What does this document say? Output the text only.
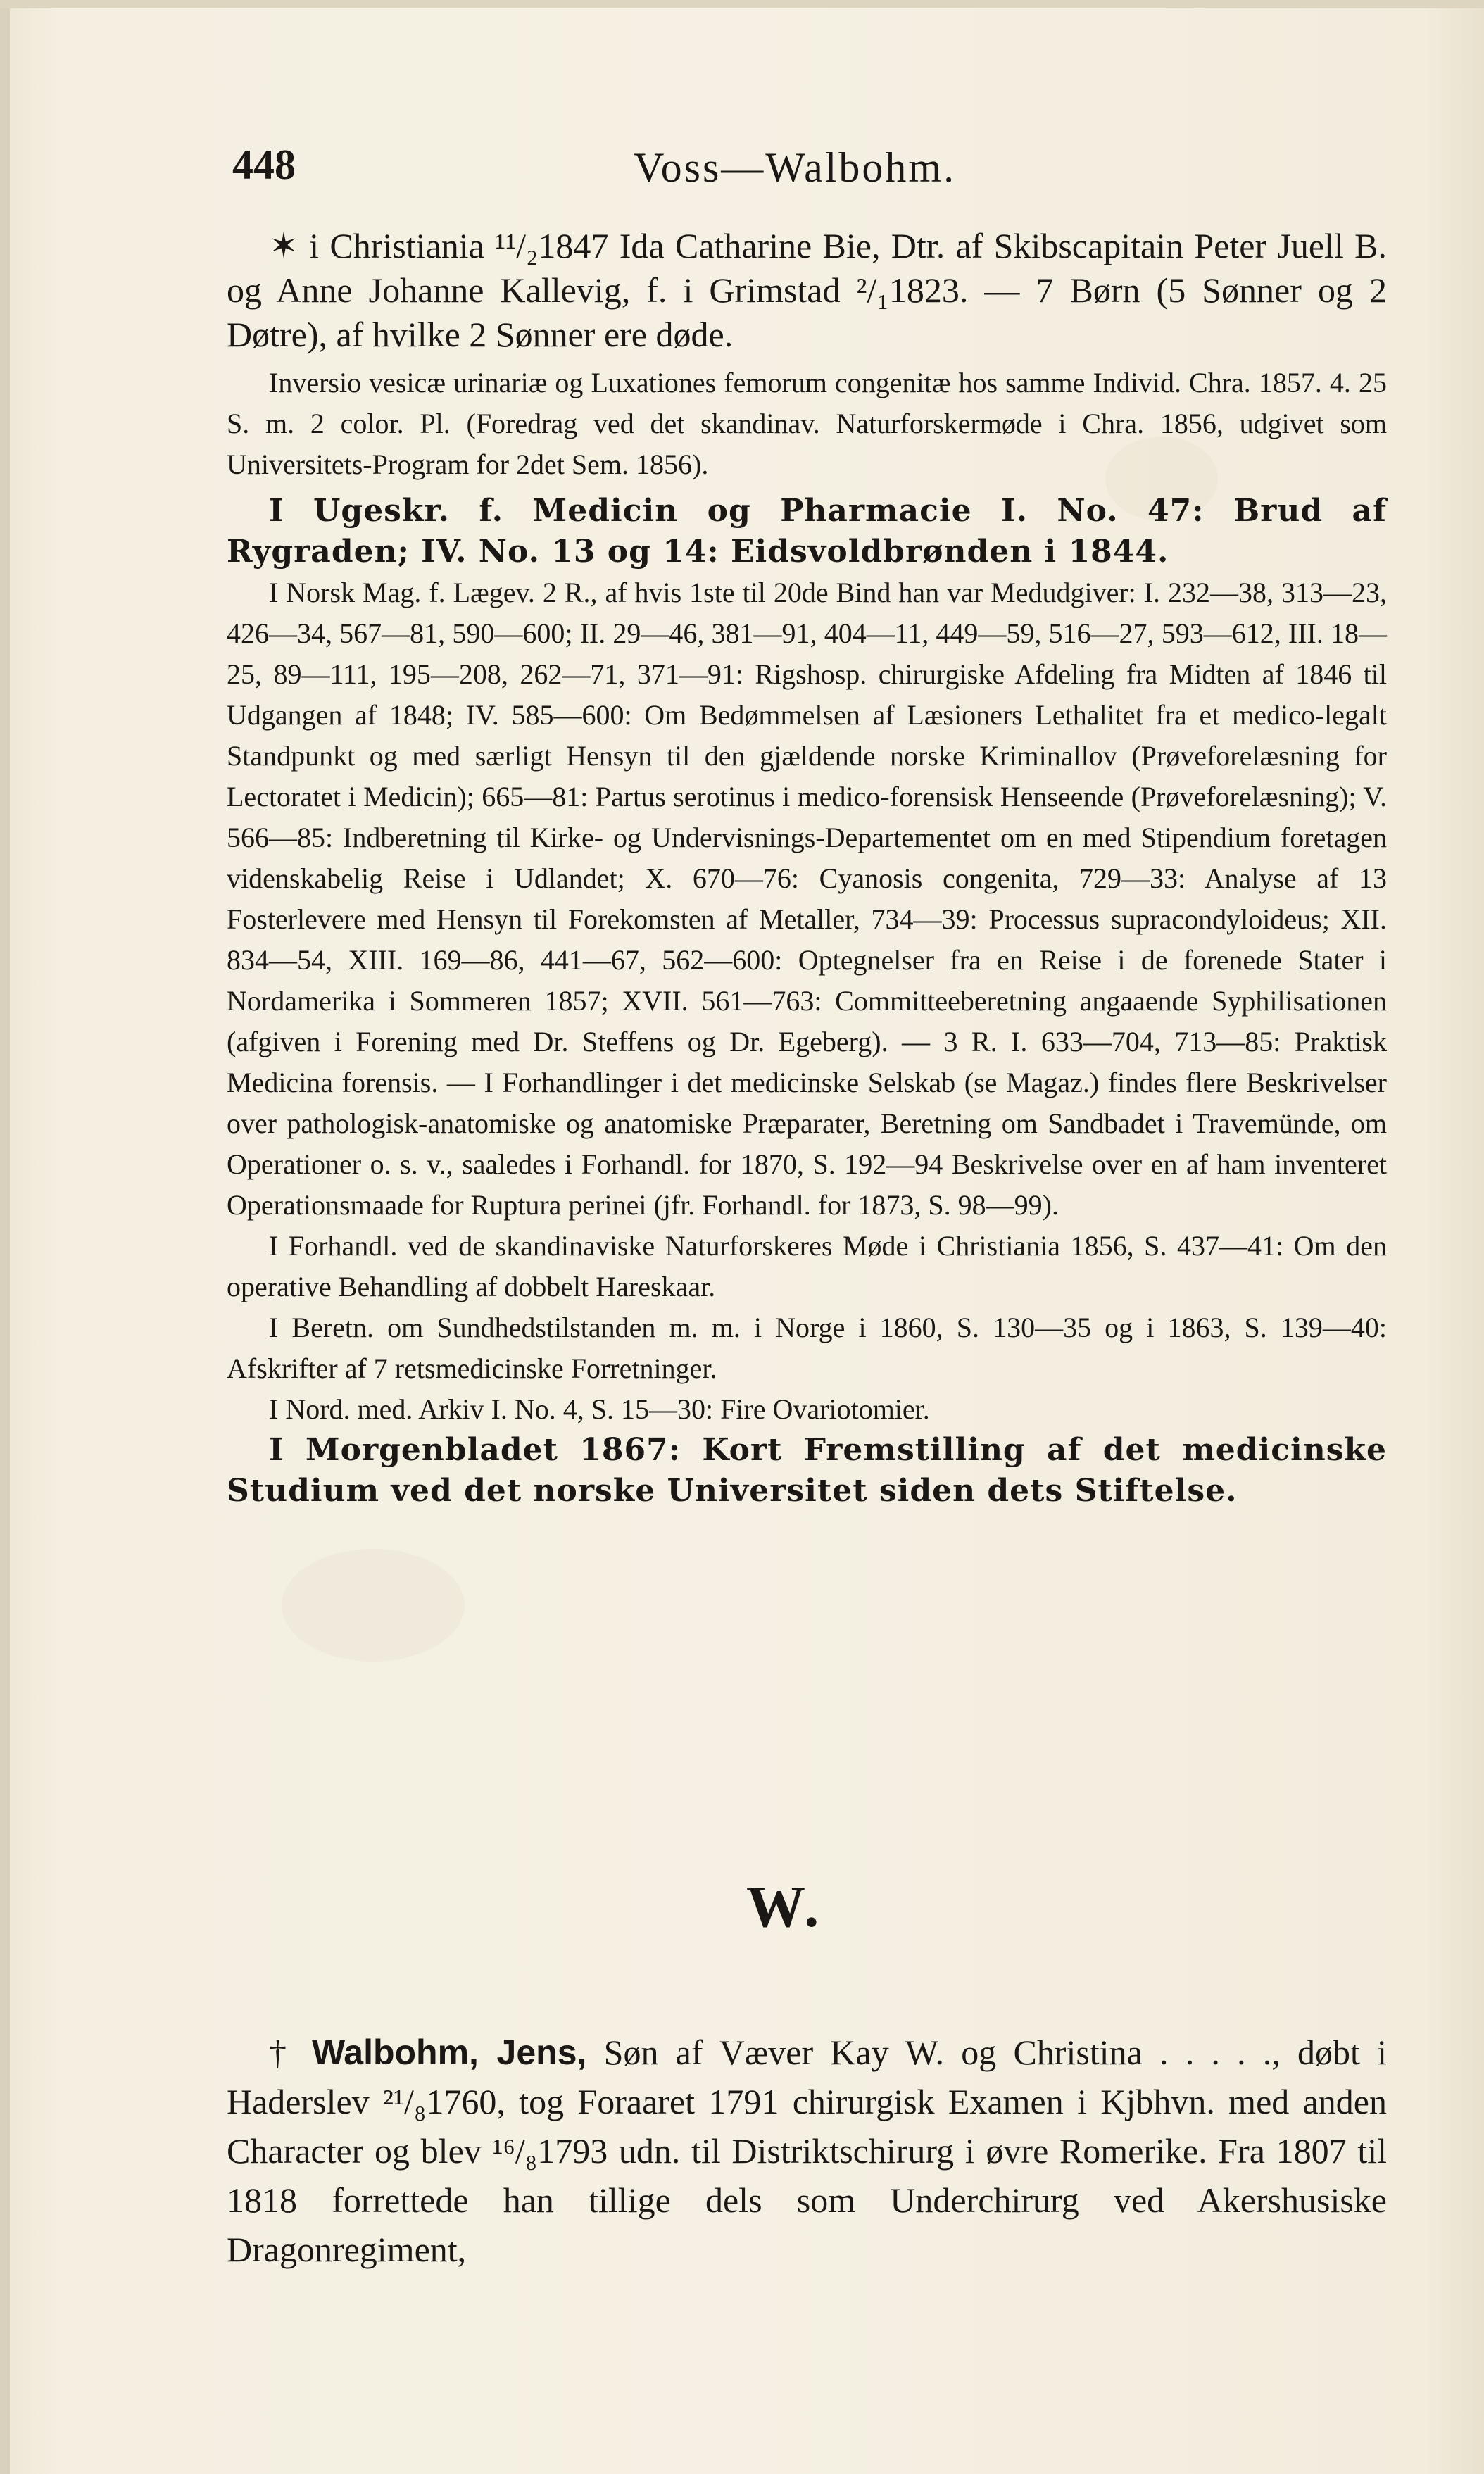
448	Voss—Walbohm.

✶ i Christiania ¹¹/₂1847 Ida Catharine Bie, Dtr. af Skibscapitain Peter Juell B. og Anne Johanne Kallevig, f. i Grimstad ²/₁1823. — 7 Børn (5 Sønner og 2 Døtre), af hvilke 2 Sønner ere døde.

Inversio vesicæ urinariæ og Luxationes femorum congenitæ hos samme Individ. Chra. 1857. 4. 25 S. m. 2 color. Pl. (Foredrag ved det skandinav. Naturforskermøde i Chra. 1856, udgivet som Universitets-Program for 2det Sem. 1856).

I Ugeskr. f. Medicin og Pharmacie I. No. 47: Brud af Rygraden; IV. No. 13 og 14: Eidsvoldbrønden i 1844.

I Norsk Mag. f. Lægev. 2 R., af hvis 1ste til 20de Bind han var Medudgiver: I. 232—38, 313—23, 426—34, 567—81, 590—600; II. 29—46, 381—91, 404—11, 449—59, 516—27, 593—612, III. 18—25, 89—111, 195—208, 262—71, 371—91: Rigshosp. chirurgiske Afdeling fra Midten af 1846 til Udgangen af 1848; IV. 585—600: Om Bedømmelsen af Læsioners Lethalitet fra et medico-legalt Standpunkt og med særligt Hensyn til den gjældende norske Kriminallov (Prøveforelæsning for Lectoratet i Medicin); 665—81: Partus serotinus i medico-forensisk Henseende (Prøveforelæsning); V. 566—85: Indberetning til Kirke- og Undervisnings-Departementet om en med Stipendium foretagen videnskabelig Reise i Udlandet; X. 670—76: Cyanosis congenita, 729—33: Analyse af 13 Fosterlevere med Hensyn til Forekomsten af Metaller, 734—39: Processus supracondyloideus; XII. 834—54, XIII. 169—86, 441—67, 562—600: Optegnelser fra en Reise i de forenede Stater i Nordamerika i Sommeren 1857; XVII. 561—763: Committeeberetning angaaende Syphilisationen (afgiven i Forening med Dr. Steffens og Dr. Egeberg). — 3 R. I. 633—704, 713—85: Praktisk Medicina forensis. — I Forhandlinger i det medicinske Selskab (se Magaz.) findes flere Beskrivelser over pathologisk-anatomiske og anatomiske Præparater, Beretning om Sandbadet i Travemünde, om Operationer o. s. v., saaledes i Forhandl. for 1870, S. 192—94 Beskrivelse over en af ham inventeret Operationsmaade for Ruptura perinei (jfr. Forhandl. for 1873, S. 98—99).

I Forhandl. ved de skandinaviske Naturforskeres Møde i Christiania 1856, S. 437—41: Om den operative Behandling af dobbelt Hareskaar.

I Beretn. om Sundhedstilstanden m. m. i Norge i 1860, S. 130—35 og i 1863, S. 139—40: Afskrifter af 7 retsmedicinske Forretninger.

I Nord. med. Arkiv I. No. 4, S. 15—30: Fire Ovariotomier.

I Morgenbladet 1867: Kort Fremstilling af det medicinske Studium ved det norske Universitet siden dets Stiftelse.

W.

† Walbohm, Jens, Søn af Væver Kay W. og Christina . . . . ., døbt i Haderslev ²¹/₈1760, tog Foraaret 1791 chirurgisk Examen i Kjbhvn. med anden Character og blev ¹⁶/₈1793 udn. til Distriktschirurg i øvre Romerike. Fra 1807 til 1818 forrettede han tillige dels som Underchirurg ved Akershusiske Dragonregiment,
